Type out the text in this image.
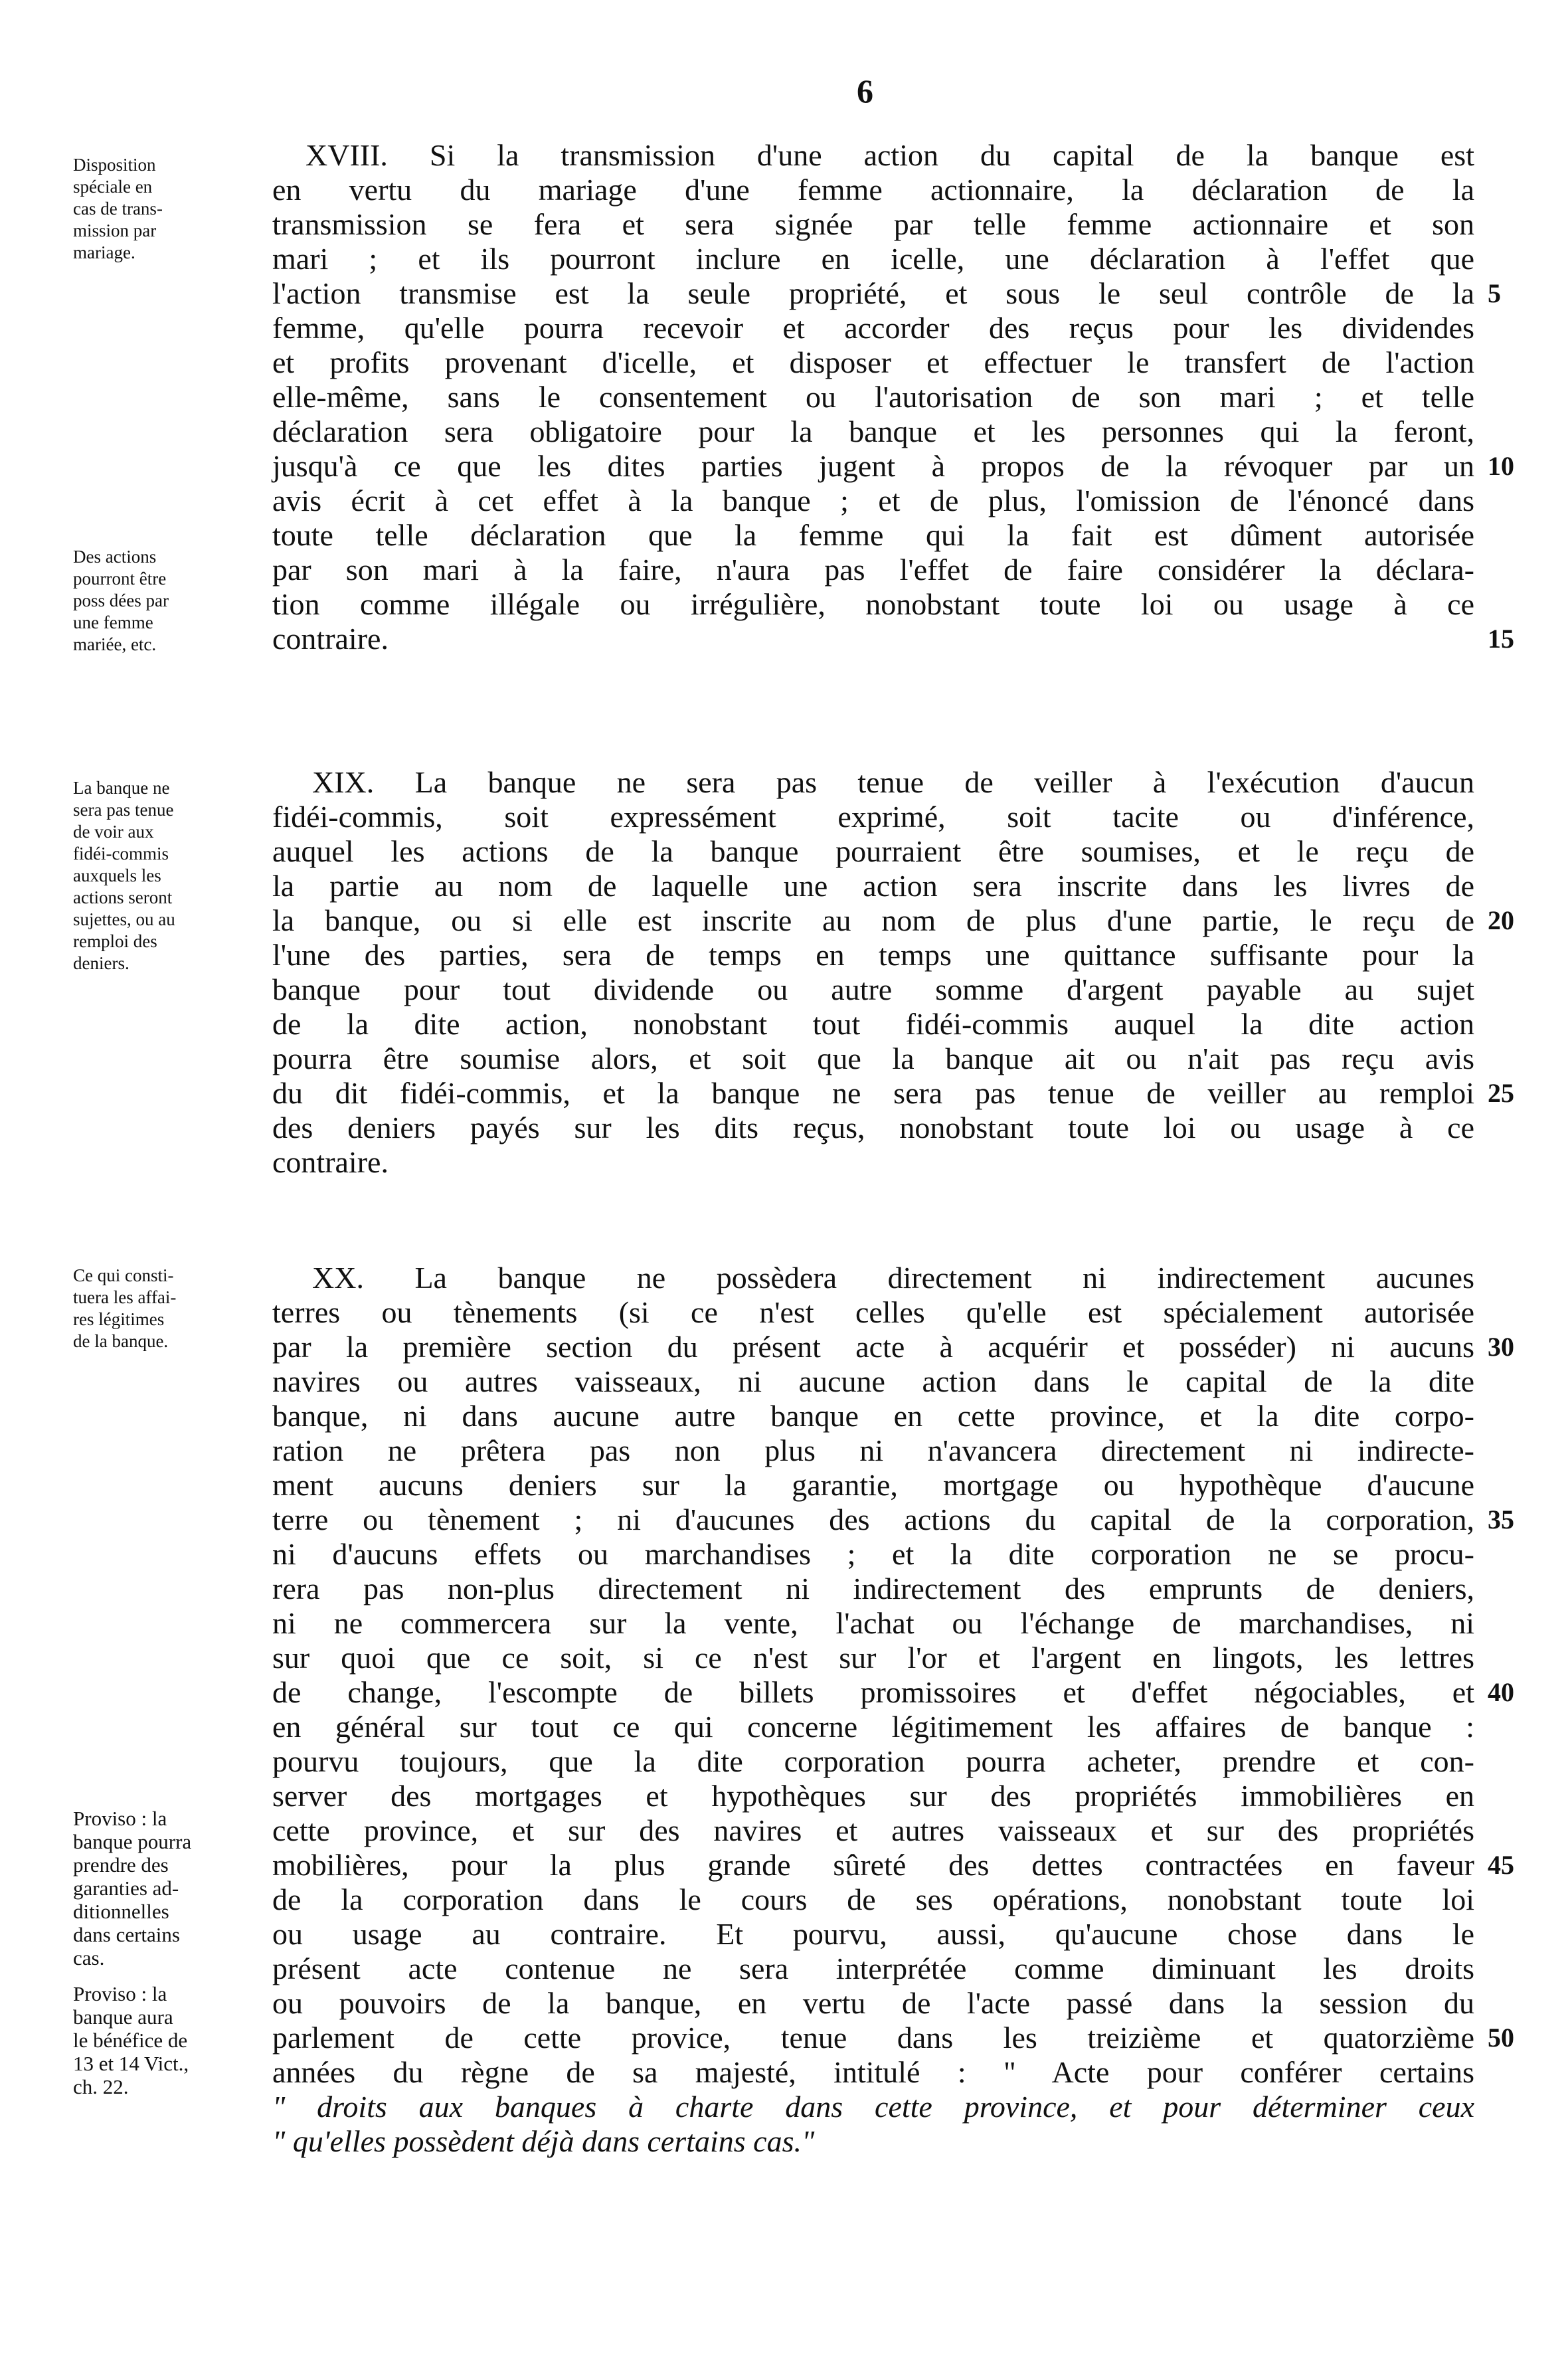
6
Disposition
spéciale en
cas de trans-
mission par
mariage.
Des actions
pourront être
poss dées par
une femme
mariée, etc.
La banque ne
sera pas tenue
de voir aux
fidéi-commis
auxquels les
actions seront
sujettes, ou au
remploi des
deniers.
Ce qui consti-
tuera les affai-
res légitimes
de la banque.
Proviso : la
banque pourra
prendre des
garanties ad-
ditionnelles
dans certains
cas.
Proviso : la
banque aura
le bénéfice de
13 et 14 Vict.,
ch. 22.
XVIII. Si la transmission d'une action du capital de la banque est
en vertu du mariage d'une femme actionnaire, la déclaration de la
transmission se fera et sera signée par telle femme actionnaire et son
mari ; et ils pourront inclure en icelle, une déclaration à l'effet que
l'action transmise est la seule propriété, et sous le seul contrôle de la
femme, qu'elle pourra recevoir et accorder des reçus pour les dividendes
et profits provenant d'icelle, et disposer et effectuer le transfert de l'action
elle-même, sans le consentement ou l'autorisation de son mari ; et telle
déclaration sera obligatoire pour la banque et les personnes qui la feront,
jusqu'à ce que les dites parties jugent à propos de la révoquer par un
avis écrit à cet effet à la banque ; et de plus, l'omission de l'énoncé dans
toute telle déclaration que la femme qui la fait est dûment autorisée
par son mari à la faire, n'aura pas l'effet de faire considérer la déclara-
tion comme illégale ou irrégulière, nonobstant toute loi ou usage à ce
contraire.
XIX. La banque ne sera pas tenue de veiller à l'exécution d'aucun
fidéi-commis, soit expressément exprimé, soit tacite ou d'inférence,
auquel les actions de la banque pourraient être soumises, et le reçu de
la partie au nom de laquelle une action sera inscrite dans les livres de
la banque, ou si elle est inscrite au nom de plus d'une partie, le reçu de
l'une des parties, sera de temps en temps une quittance suffisante pour la
banque pour tout dividende ou autre somme d'argent payable au sujet
de la dite action, nonobstant tout fidéi-commis auquel la dite action
pourra être soumise alors, et soit que la banque ait ou n'ait pas reçu avis
du dit fidéi-commis, et la banque ne sera pas tenue de veiller au remploi
des deniers payés sur les dits reçus, nonobstant toute loi ou usage à ce
contraire.
XX. La banque ne possèdera directement ni indirectement aucunes
terres ou tènements (si ce n'est celles qu'elle est spécialement autorisée
par la première section du présent acte à acquérir et posséder) ni aucuns
navires ou autres vaisseaux, ni aucune action dans le capital de la dite
banque, ni dans aucune autre banque en cette province, et la dite corpo-
ration ne prêtera pas non plus ni n'avancera directement ni indirecte-
ment aucuns deniers sur la garantie, mortgage ou hypothèque d'aucune
terre ou tènement ; ni d'aucunes des actions du capital de la corporation,
ni d'aucuns effets ou marchandises ; et la dite corporation ne se procu-
rera pas non-plus directement ni indirectement des emprunts de deniers,
ni ne commercera sur la vente, l'achat ou l'échange de marchandises, ni
sur quoi que ce soit, si ce n'est sur l'or et l'argent en lingots, les lettres
de change, l'escompte de billets promissoires et d'effet négociables, et
en général sur tout ce qui concerne légitimement les affaires de banque :
pourvu toujours, que la dite corporation pourra acheter, prendre et con-
server des mortgages et hypothèques sur des propriétés immobilières en
cette province, et sur des navires et autres vaisseaux et sur des propriétés
mobilières, pour la plus grande sûreté des dettes contractées en faveur
de la corporation dans le cours de ses opérations, nonobstant toute loi
ou usage au contraire. Et pourvu, aussi, qu'aucune chose dans le
présent acte contenue ne sera interprétée comme diminuant les droits
ou pouvoirs de la banque, en vertu de l'acte passé dans la session du
parlement de cette provice, tenue dans les treizième et quatorzième
années du règne de sa majesté, intitulé : " Acte pour conférer certains
" droits aux banques à charte dans cette province, et pour déterminer ceux
" qu'elles possèdent déjà dans certains cas."
5
10
15
20
25
30
35
40
45
50
